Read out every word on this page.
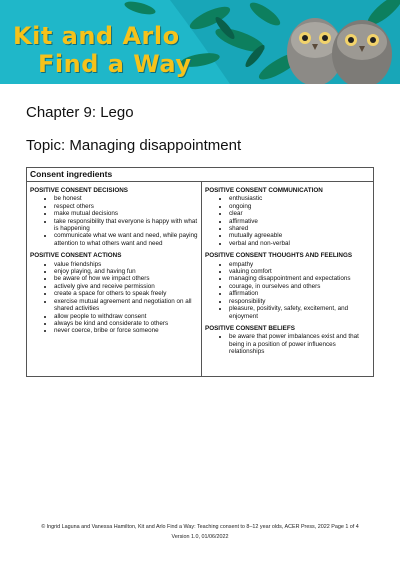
Kit and Arlo
Find a Way
Chapter 9: Lego
Topic: Managing disappointment
Consent ingredients
POSITIVE CONSENT DECISIONS
• be honest
• respect others
• make mutual decisions
• take responsibility that everyone is happy with what is happening
• communicate what we want and need, while paying attention to what others want and need
POSITIVE CONSENT ACTIONS
• value friendships
• enjoy playing, and having fun
• be aware of how we impact others
• actively give and receive permission
• create a space for others to speak freely
• exercise mutual agreement and negotiation on all shared activities
• allow people to withdraw consent
• always be kind and considerate to others
• never coerce, bribe or force someone
POSITIVE CONSENT COMMUNICATION
• enthusiastic
• ongoing
• clear
• affirmative
• shared
• mutually agreeable
• verbal and non-verbal
POSITIVE CONSENT THOUGHTS AND FEELINGS
• empathy
• valuing comfort
• managing disappointment and expectations
• courage, in ourselves and others
• affirmation
• responsibility
• pleasure, positivity, safety, excitement, and enjoyment
POSITIVE CONSENT BELIEFS
• be aware that power imbalances exist and that being in a position of power influences relationships
© Ingrid Laguna and Vanessa Hamilton, Kit and Arlo Find a Way: Teaching consent to 8–12 year olds, ACER Press, 2022 Page 1 of 4
Version 1.0, 01/06/2022
